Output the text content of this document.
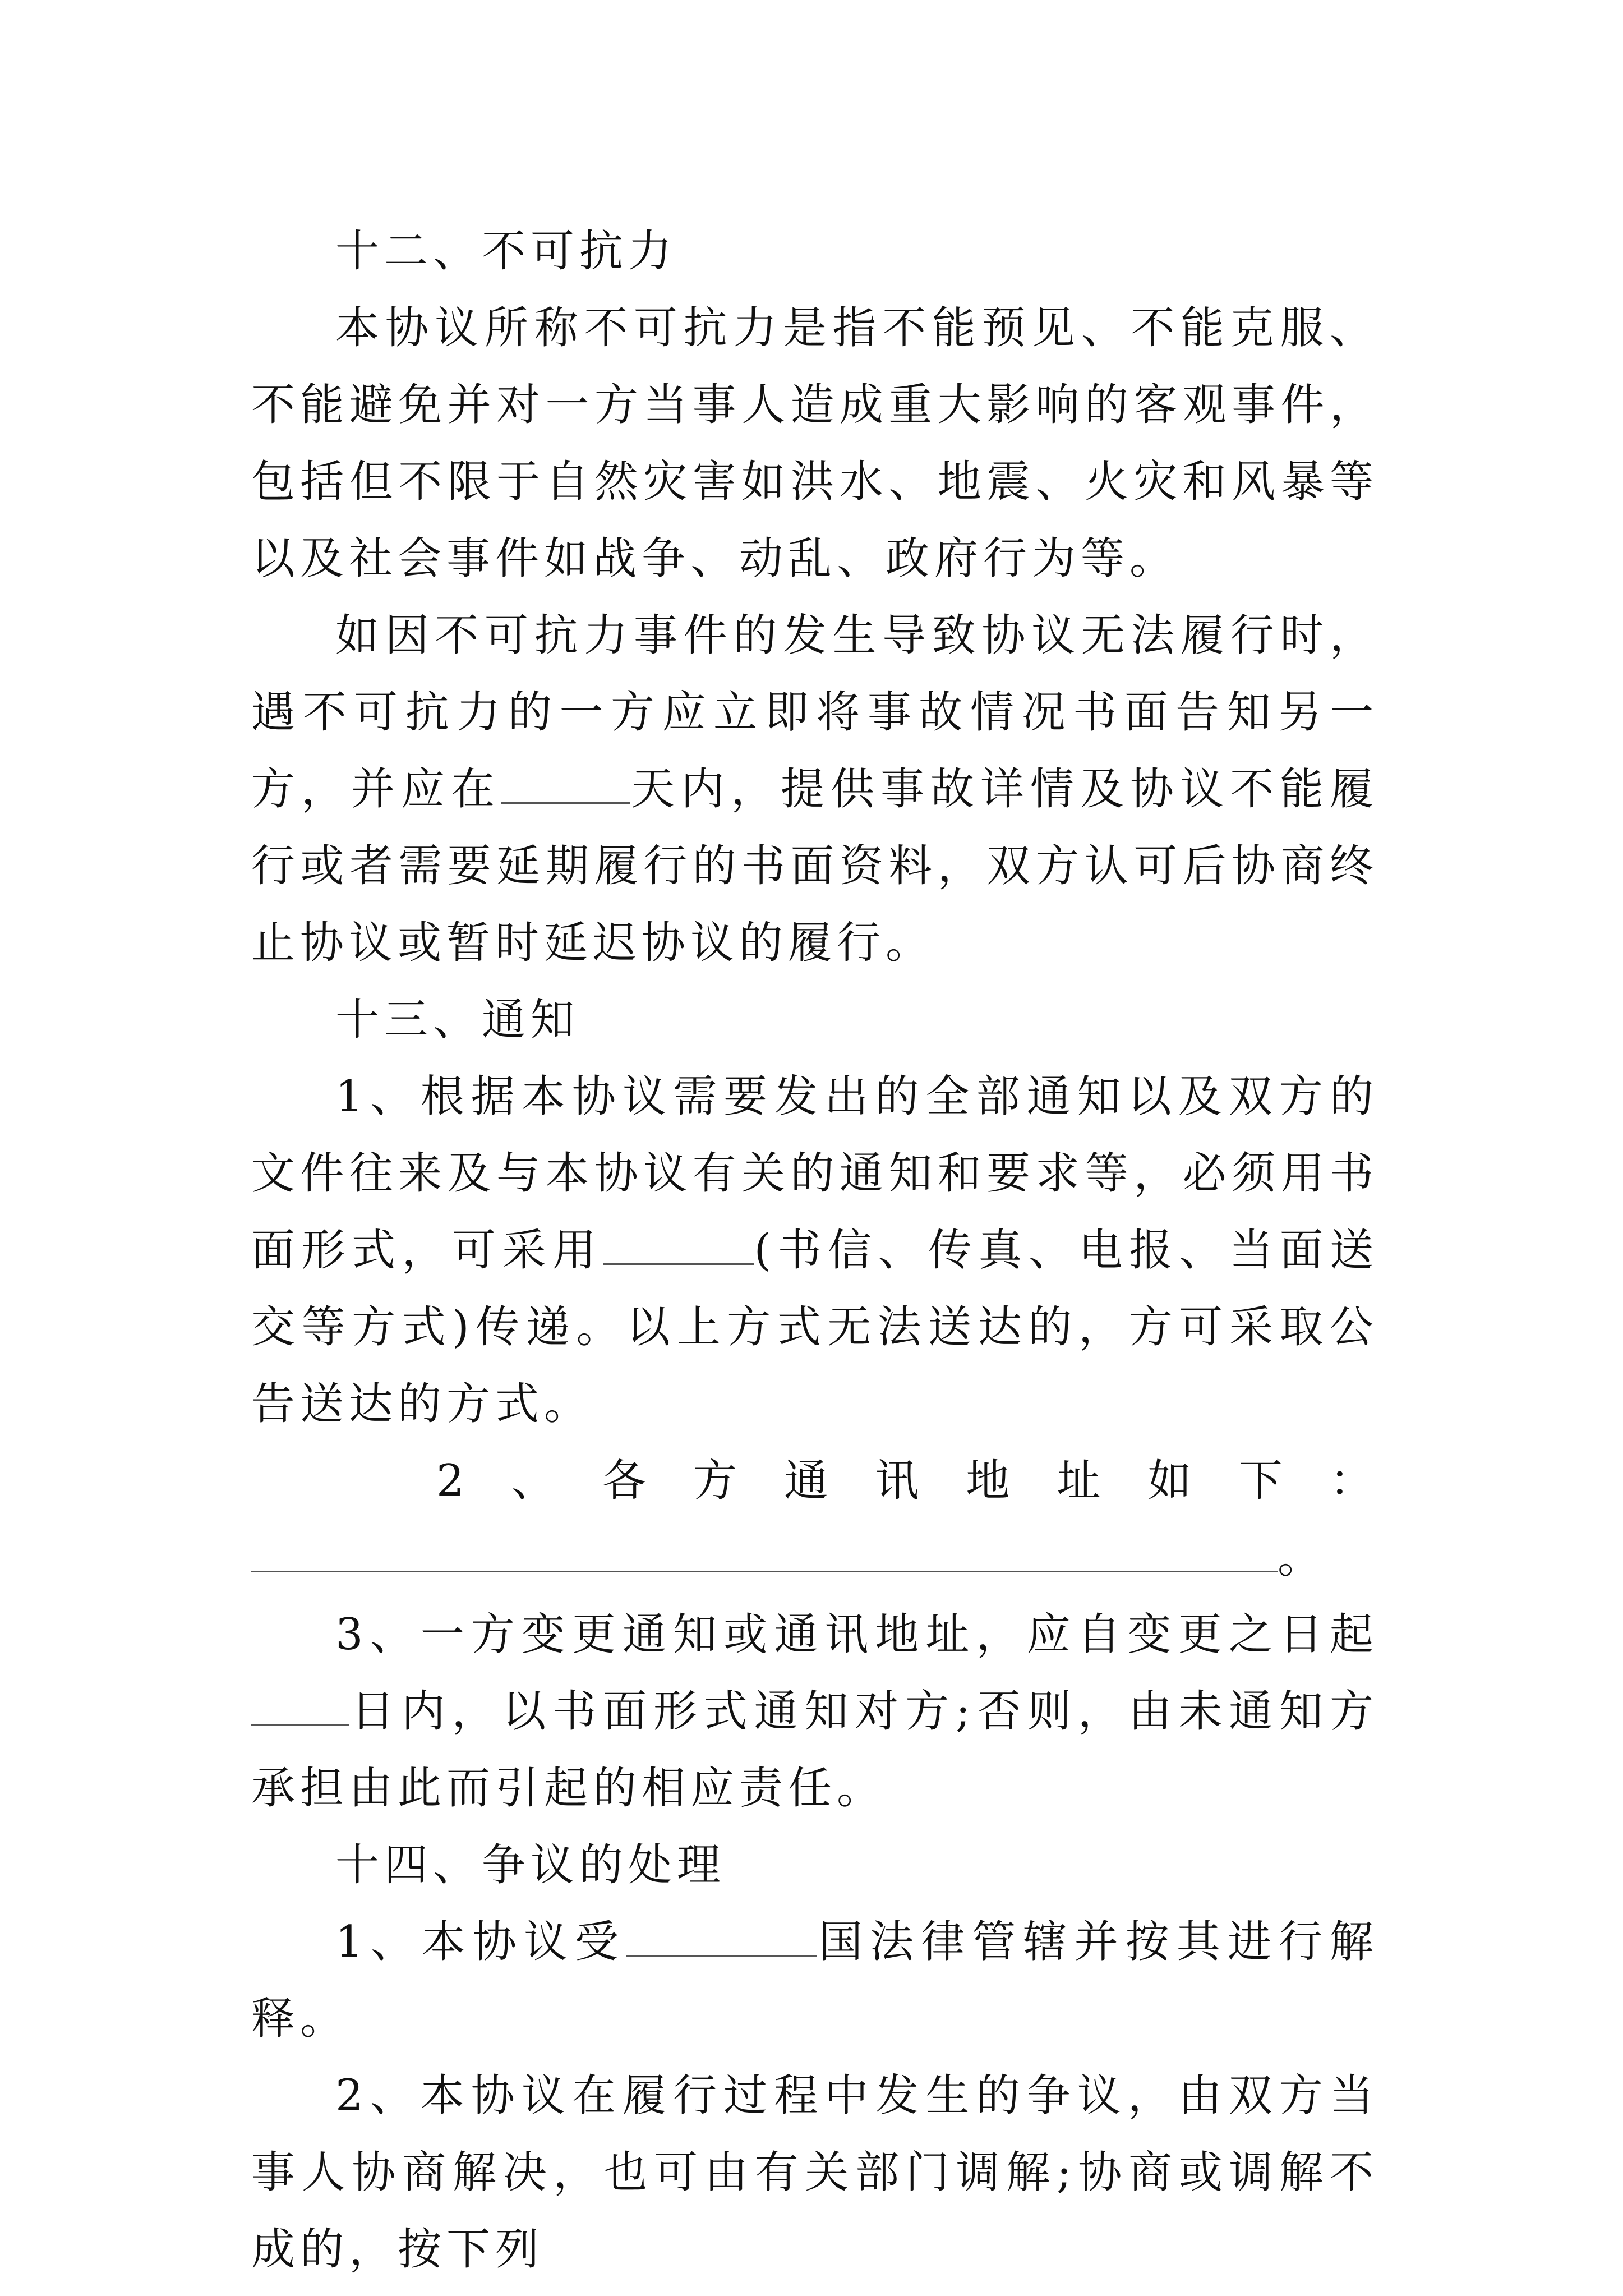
十二、不可抗力

本协议所称不可抗力是指不能预见、不能克服、不能避免并对一方当事人造成重大影响的客观事件，包括但不限于自然灾害如洪水、地震、火灾和风暴等以及社会事件如战争、动乱、政府行为等。

如因不可抗力事件的发生导致协议无法履行时，遇不可抗力的一方应立即将事故情况书面告知另一方，并应在	天内，提供事故详情及协议不能履行或者需要延期履行的书面资料，双方认可后协商终止协议或暂时延迟协议的履行。

十三、通知

1、根据本协议需要发出的全部通知以及双方的文件往来及与本协议有关的通知和要求等，必须用书面形式，可采用	(书信、传真、电报、当面送交等方式)传递。以上方式无法送达的，方可采取公告送达的方式。

2 、 各 方 通 讯 地 址 如 下 ：
。

3、一方变更通知或通讯地址，应自变更之日起日内，以书面形式通知对方;否则，由未通知方承担由此而引起的相应责任。

十四、争议的处理

1、本协议受	国法律管辖并按其进行解释。

2、本协议在履行过程中发生的争议，由双方当事人协商解决，也可由有关部门调解;协商或调解不成的，按下列
